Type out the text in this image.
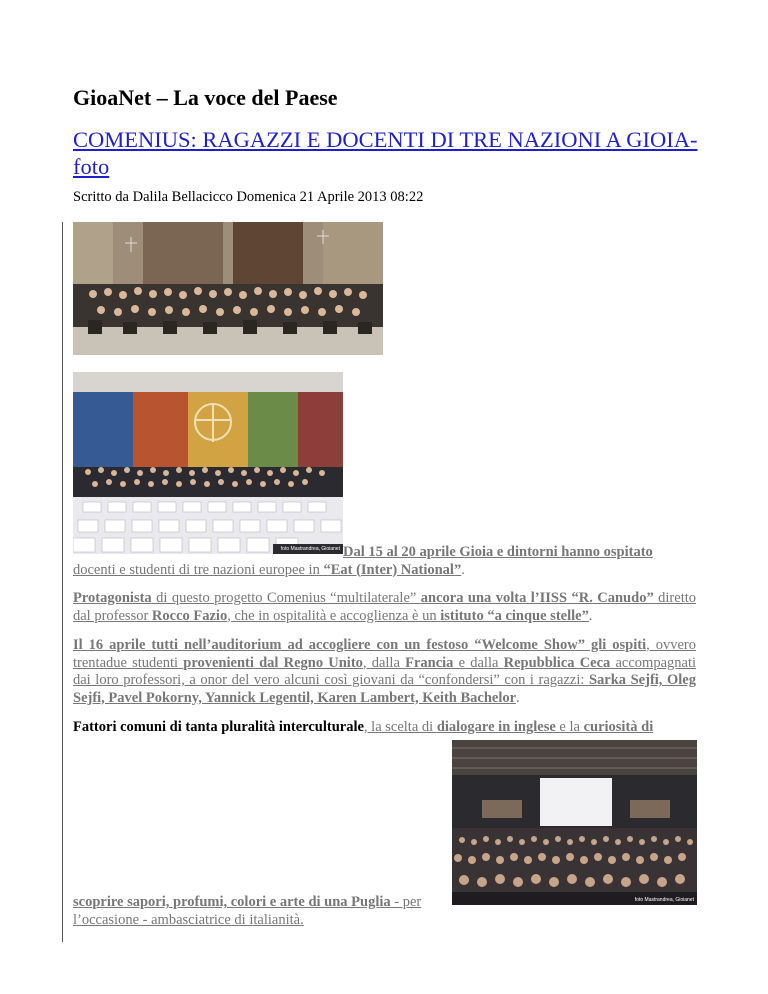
GioaNet – La voce del Paese
COMENIUS: RAGAZZI E DOCENTI DI TRE NAZIONI A GIOIA-foto

Scritto da Dalila Bellacicco Domenica 21 Aprile 2013 08:22

foto Mastrandrea, Gioianet Dal 15 al 20 aprile Gioia e dintorni hanno ospitato
docenti e studenti di tre nazioni europee in “Eat (Inter) National”.

Protagonista di questo progetto Comenius “multilaterale” ancora una volta l’IISS “R. Canudo” diretto dal professor Rocco Fazio, che in ospitalità e accoglienza è un istituto “a cinque stelle”.

Il 16 aprile tutti nell’auditorium ad accogliere con un festoso “Welcome Show” gli ospiti, ovvero trentadue studenti provenienti dal Regno Unito, dalla Francia e dalla Repubblica Ceca accompagnati dai loro professori, a onor del vero alcuni così giovani da “confondersi” con i ragazzi: Sarka Sejfi, Oleg Sejfi, Pavel Pokorny, Yannick Legentil, Karen Lambert, Keith Bachelor.

Fattori comuni di tanta pluralità interculturale, la scelta di dialogare in inglese e la curiosità di

foto Mastrandrea, Gioianet

scoprire sapori, profumi, colori e arte di una Puglia - per l’occasione - ambasciatrice di italianità.
